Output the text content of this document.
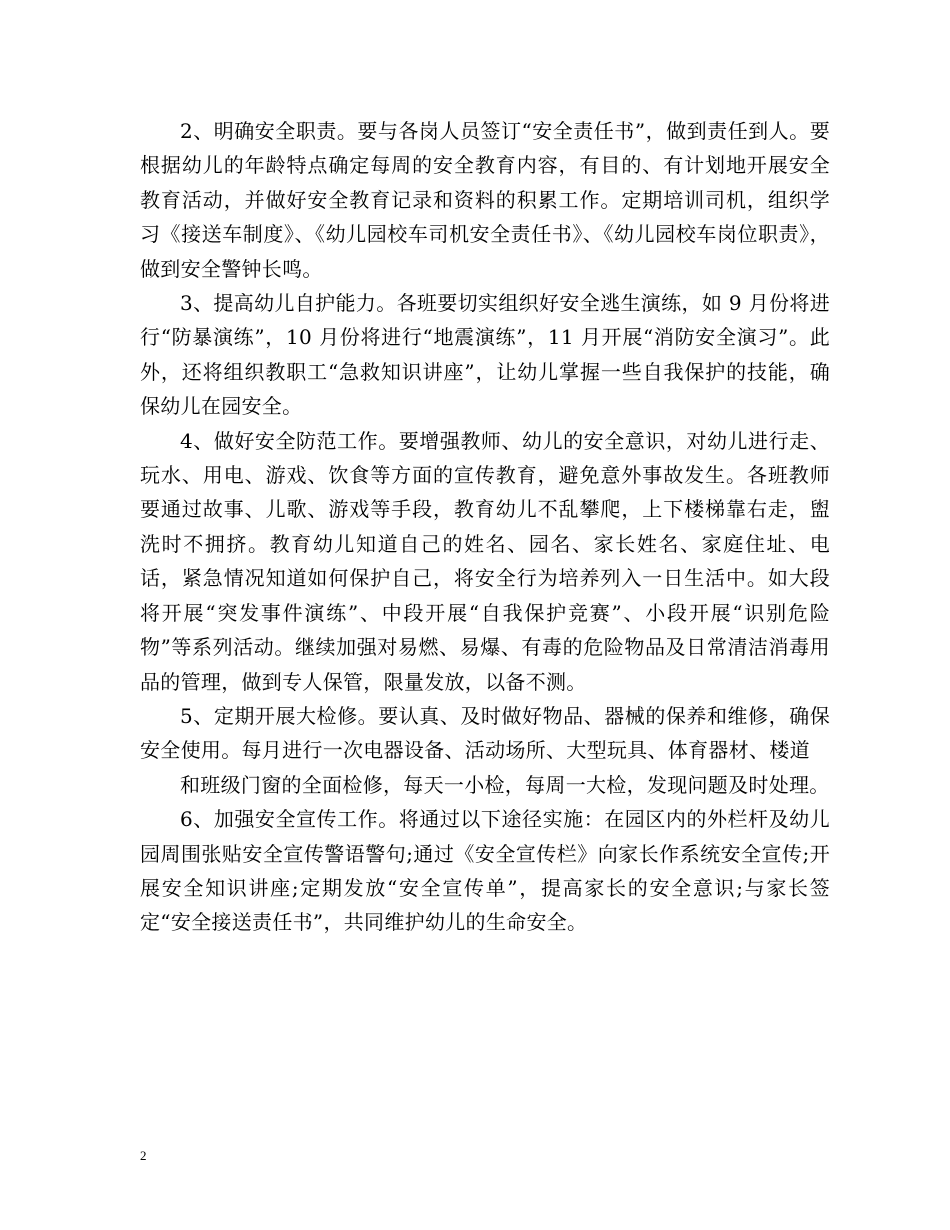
2、明确安全职责。要与各岗人员签订“安全责任书”，做到责任到人。要根据幼儿的年龄特点确定每周的安全教育内容，有目的、有计划地开展安全教育活动，并做好安全教育记录和资料的积累工作。定期培训司机，组织学习《接送车制度》、《幼儿园校车司机安全责任书》、《幼儿园校车岗位职责》，做到安全警钟长鸣。

3、提高幼儿自护能力。各班要切实组织好安全逃生演练，如 9 月份将进行“防暴演练”，10 月份将进行“地震演练”，11 月开展“消防安全演习”。此外，还将组织教职工“急救知识讲座”，让幼儿掌握一些自我保护的技能，确保幼儿在园安全。

4、做好安全防范工作。要增强教师、幼儿的安全意识，对幼儿进行走、玩水、用电、游戏、饮食等方面的宣传教育，避免意外事故发生。各班教师要通过故事、儿歌、游戏等手段，教育幼儿不乱攀爬，上下楼梯靠右走，盥洗时不拥挤。教育幼儿知道自己的姓名、园名、家长姓名、家庭住址、电话，紧急情况知道如何保护自己，将安全行为培养列入一日生活中。如大段将开展“突发事件演练”、中段开展“自我保护竞赛”、小段开展“识别危险物”等系列活动。继续加强对易燃、易爆、有毒的危险物品及日常清洁消毒用品的管理，做到专人保管，限量发放，以备不测。

5、定期开展大检修。要认真、及时做好物品、器械的保养和维修，确保安全使用。每月进行一次电器设备、活动场所、大型玩具、体育器材、楼道

和班级门窗的全面检修，每天一小检，每周一大检，发现问题及时处理。

6、加强安全宣传工作。将通过以下途径实施：在园区内的外栏杆及幼儿园周围张贴安全宣传警语警句;通过《安全宣传栏》向家长作系统安全宣传;开展安全知识讲座;定期发放“安全宣传单”，提高家长的安全意识;与家长签定“安全接送责任书”，共同维护幼儿的生命安全。

2
